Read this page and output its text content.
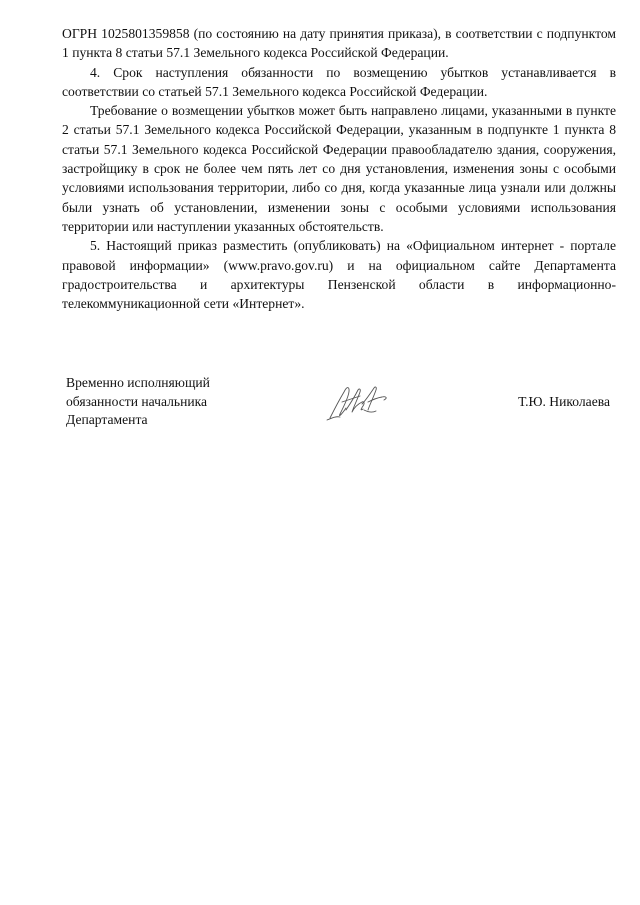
ОГРН 1025801359858 (по состоянию на дату принятия приказа), в соответствии с подпунктом 1 пункта 8 статьи 57.1 Земельного кодекса Российской Федерации.

4. Срок наступления обязанности по возмещению убытков устанавливается в соответствии со статьей 57.1 Земельного кодекса Российской Федерации.

Требование о возмещении убытков может быть направлено лицами, указанными в пункте 2 статьи 57.1 Земельного кодекса Российской Федерации, указанным в подпункте 1 пункта 8 статьи 57.1 Земельного кодекса Российской Федерации правообладателю здания, сооружения, застройщику в срок не более чем пять лет со дня установления, изменения зоны с особыми условиями использования территории, либо со дня, когда указанные лица узнали или должны были узнать об установлении, изменении зоны с особыми условиями использования территории или наступлении указанных обстоятельств.

5. Настоящий приказ разместить (опубликовать) на «Официальном интернет - портале правовой информации» (www.pravo.gov.ru) и на официальном сайте Департамента градостроительства и архитектуры Пензенской области в информационно-телекоммуникационной сети «Интернет».

Временно исполняющий
обязанности начальника
Департамента
Т.Ю. Николаева
